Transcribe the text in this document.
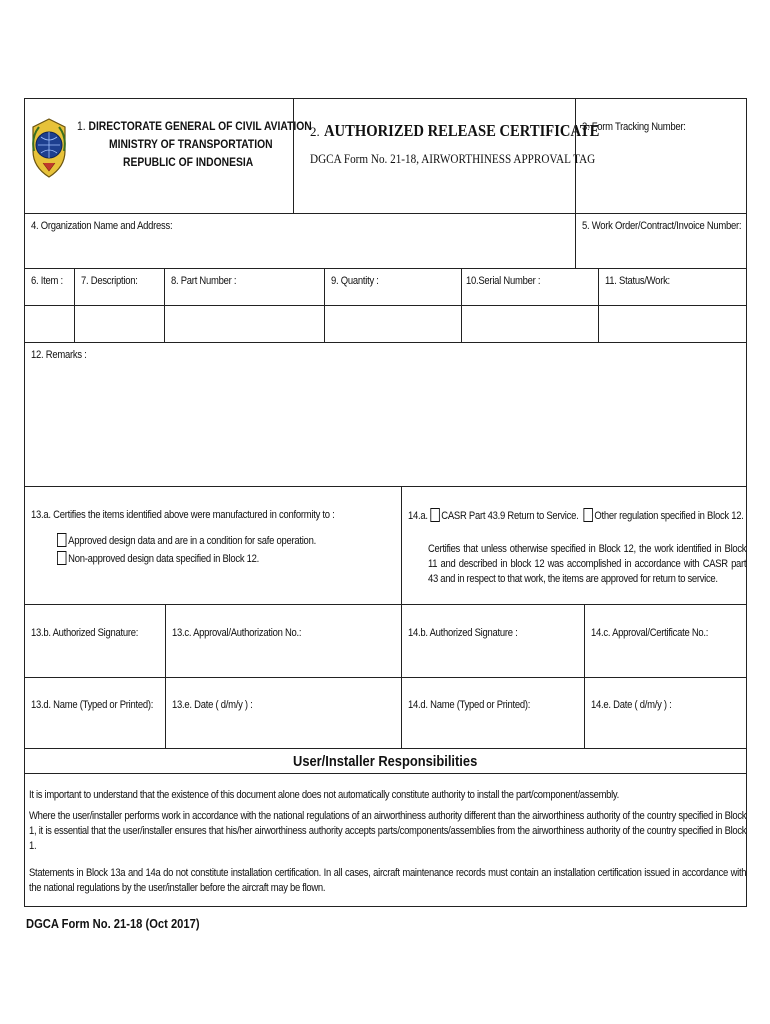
1. DIRECTORATE GENERAL OF CIVIL AVIATION
MINISTRY OF TRANSPORTATION
REPUBLIC OF INDONESIA
2. AUTHORIZED RELEASE CERTIFICATE
DGCA Form No. 21-18, AIRWORTHINESS APPROVAL TAG
3. Form Tracking Number:
4. Organization Name and Address:	5. Work Order/Contract/Invoice Number:
6. Item : 7. Description:	8. Part Number :	9. Quantity :	10.Serial Number :	11. Status/Work:
12. Remarks :
13.a. Certifies the items identified above were manufactured in conformity to :
Approved design data and are in a condition for safe operation.
Non-approved design data specified in Block 12.
14.a. CASR Part 43.9 Return to Service. Other regulation specified in Block 12.

Certifies that unless otherwise specified in Block 12, the work identified in Block 11 and described in block 12 was accomplished in accordance with CASR part 43 and in respect to that work, the items are approved for return to service.

13.b. Authorized Signature:	13.c. Approval/Authorization No.:	14.b. Authorized Signature :	14.c. Approval/Certificate No.:
13.d. Name (Typed or Printed): 13.e. Date ( d/m/y ) :	14.d. Name (Typed or Printed):	14.e. Date ( d/m/y ) :
User/Installer Responsibilities

It is important to understand that the existence of this document alone does not automatically constitute authority to install the part/component/assembly.

Where the user/installer performs work in accordance with the national regulations of an airworthiness authority different than the airworthiness authority of the country specified in Block 1, it is essential that the user/installer ensures that his/her airworthiness authority accepts parts/components/assemblies from the airworthiness authority of the country specified in Block 1.

Statements in Block 13a and 14a do not constitute installation certification. In all cases, aircraft maintenance records must contain an installation certification issued in accordance with the national regulations by the user/installer before the aircraft may be flown.

DGCA Form No. 21-18 (Oct 2017)
